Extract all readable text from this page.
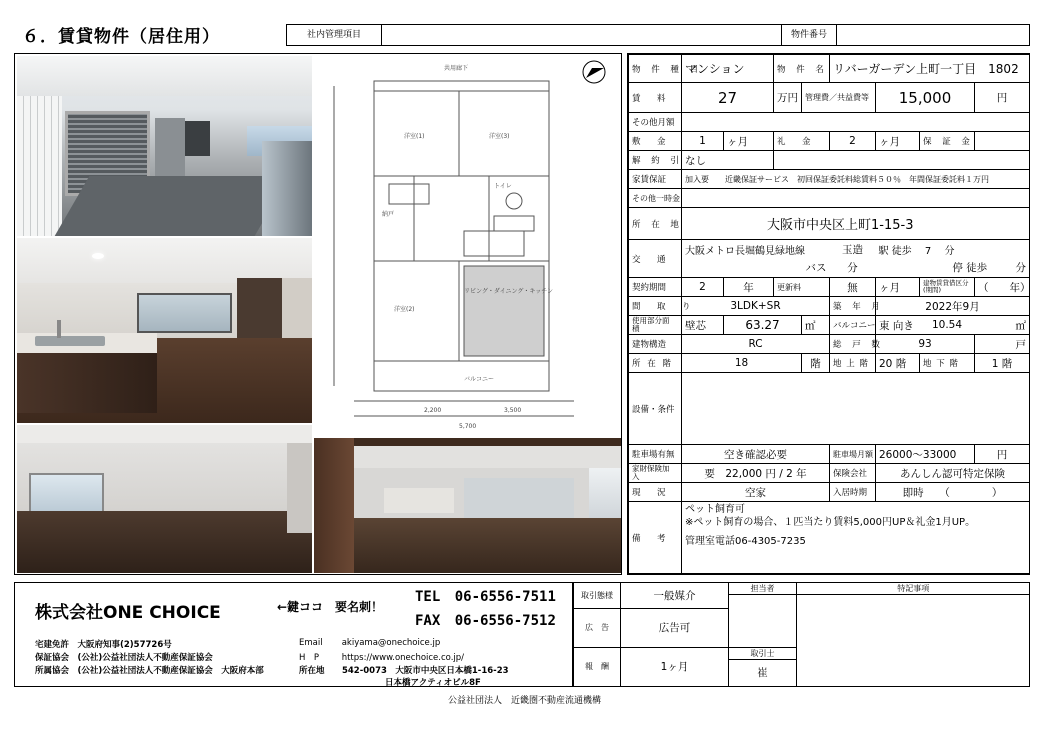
６．賃貸物件（居住用）	社内管理項目	物件番号
洋室(1)	洋室(3)
洋室(2)
リビング・ダイニング・キッチン
納戸
トイレ
バルコニー
共用廊下
2,200	3,500
5,700
物 件 種 目	マンション		物 件 名		リバーガーデン上町一丁目　1802			
賃　料	27		万円	管理費／共益費等		15,000		円
その他月額								
敷　金	1	ヶ月	礼　金		2	ヶ月	保 証 金	
解 約 引	なし							
家賃保証	加入要　　近畿保証サービス　初回保証委託料総賃料５０％　年間保証委託料１万円							
その他一時金								
所 在 地	大阪市中央区上町1-15-3							
交　通	大阪メトロ長堀鶴見緑地線				玉造	駅 徒歩 7 分		
	バス				分	停 徒歩 分		
契約期間	2	年	更新料		無	ヶ月	建物賃貸借区分(期間)	（　　年）
間　取　り	3LDK+SR				築 年 月	2022年9月		
使用部分面　積	壁芯	63.27		㎡	バルコニー	東 向き	10.54	㎡
建物構造	RC				総 戸 数	93		戸
所 在 階	18			階	地 上 階	20 階	地 下 階	1 階
設備・条件								
駐車場有無	空き確認必要				駐車場月額	26000～33000		円
家財保険加　入	要　22,000 円 / 2 年				保険会社	あんしん認可特定保険		
現　況	空家				入居時期	即時　　（　　　　）		
備　考	ペット飼育可
※ペット飼育の場合、１匹当たり賃料5,000円UP＆礼金1月UP。
管理室電話06-4305-7235							
株式会社ONE CHOICE	←鍵ココ　要名刺！
TEL 06-6556-7511
FAX 06-6556-7512
宅建免許　大阪府知事(2)57726号
保証協会　(公社)公益社団法人不動産保証協会
所属協会　(公社)公益社団法人不動産保証協会　大阪府本部
Email akiyama@onechoice.jp
H　P	https://www.onechoice.co.jp/
所在地 542-0073　大阪市中央区日本橋1-16-23
日本橋アクティオビル8F
取引態様	一般媒介	担当者	特記事項

広　告	広告可		
報　酬	1ヶ月	取引士
崔	
公益社団法人　近畿圏不動産流通機構
